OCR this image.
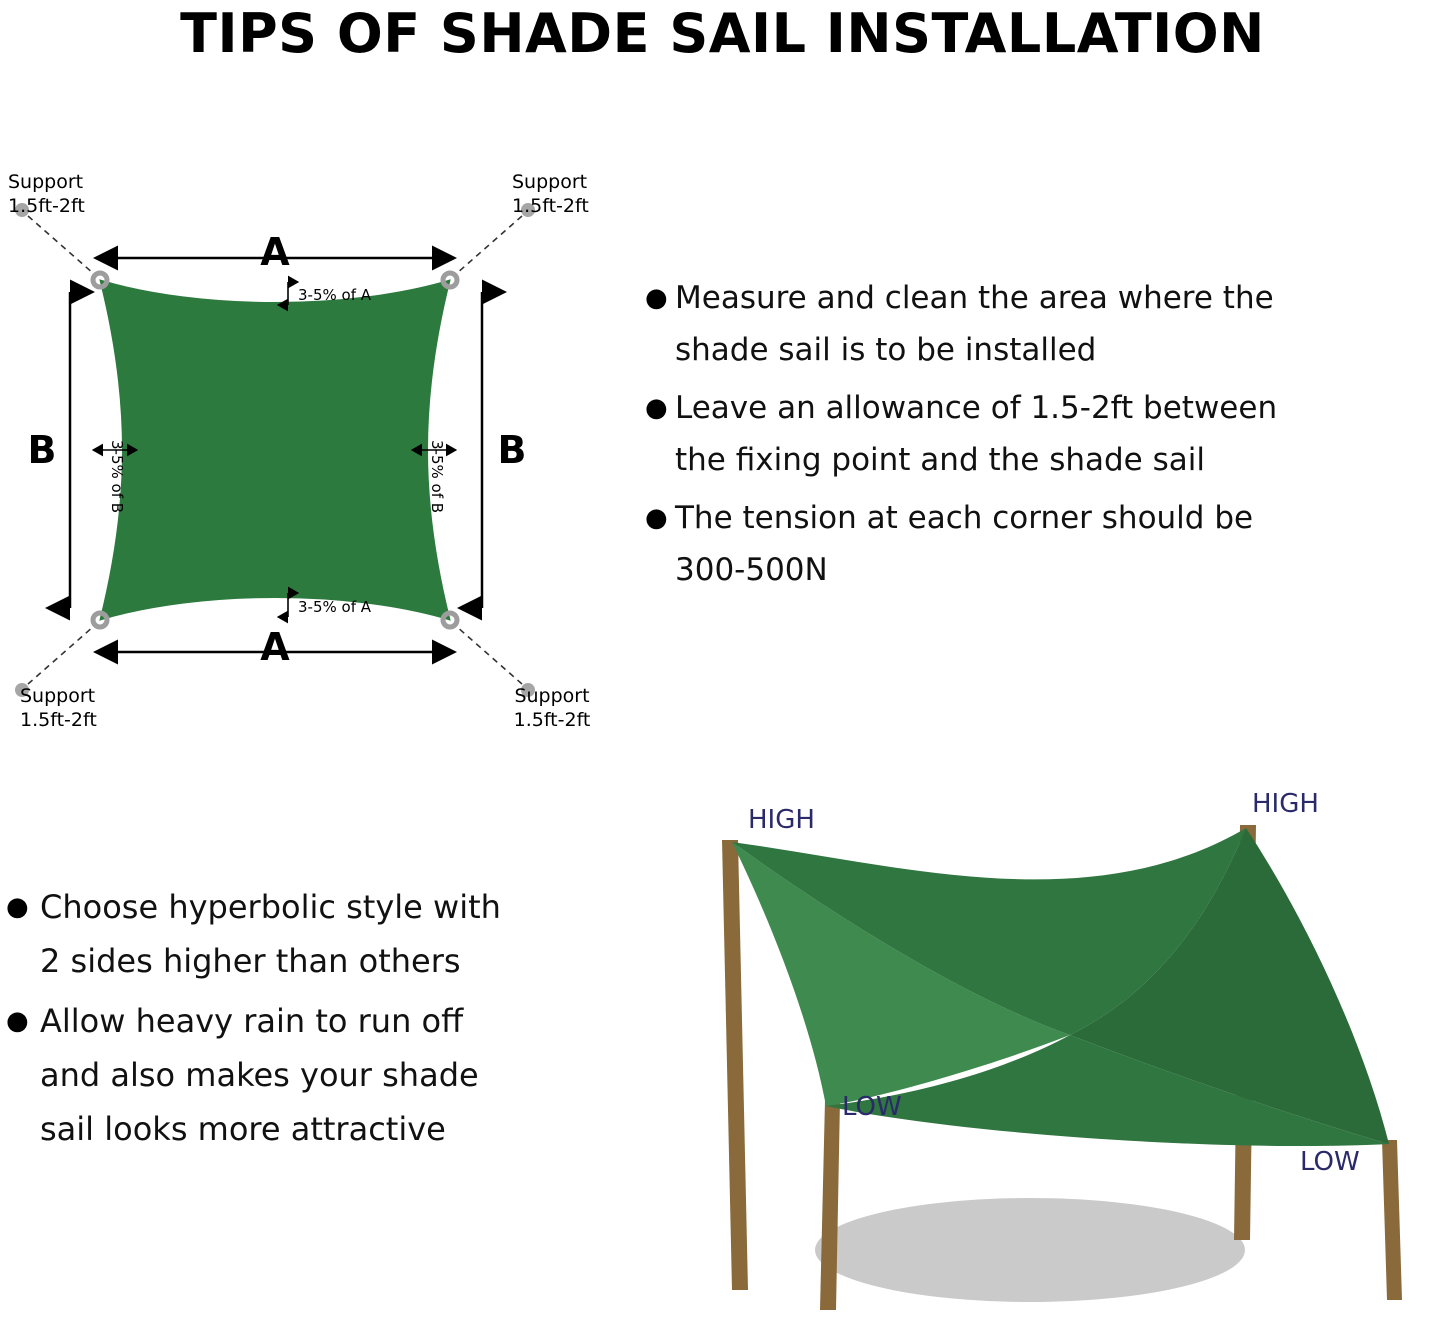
TIPS OF SHADE SAIL INSTALLATION
A
A
B	B
3-5% of A
3-5% of A
3-5% of B	3-5% of B
Support
1.5ft-2ft
Support
1.5ft-2ft
Support
1.5ft-2ft
Support
1.5ft-2ft
● Measure and clean the area where the
shade sail is to be installed
● Leave an allowance of 1.5-2ft between
the fixing point and the shade sail
● The tension at each corner should be
300-500N
● Choose hyperbolic style with
2 sides higher than others
● Allow heavy rain to run off
and also makes your shade
sail looks more attractive
HIGH
HIGH
LOW
LOW
